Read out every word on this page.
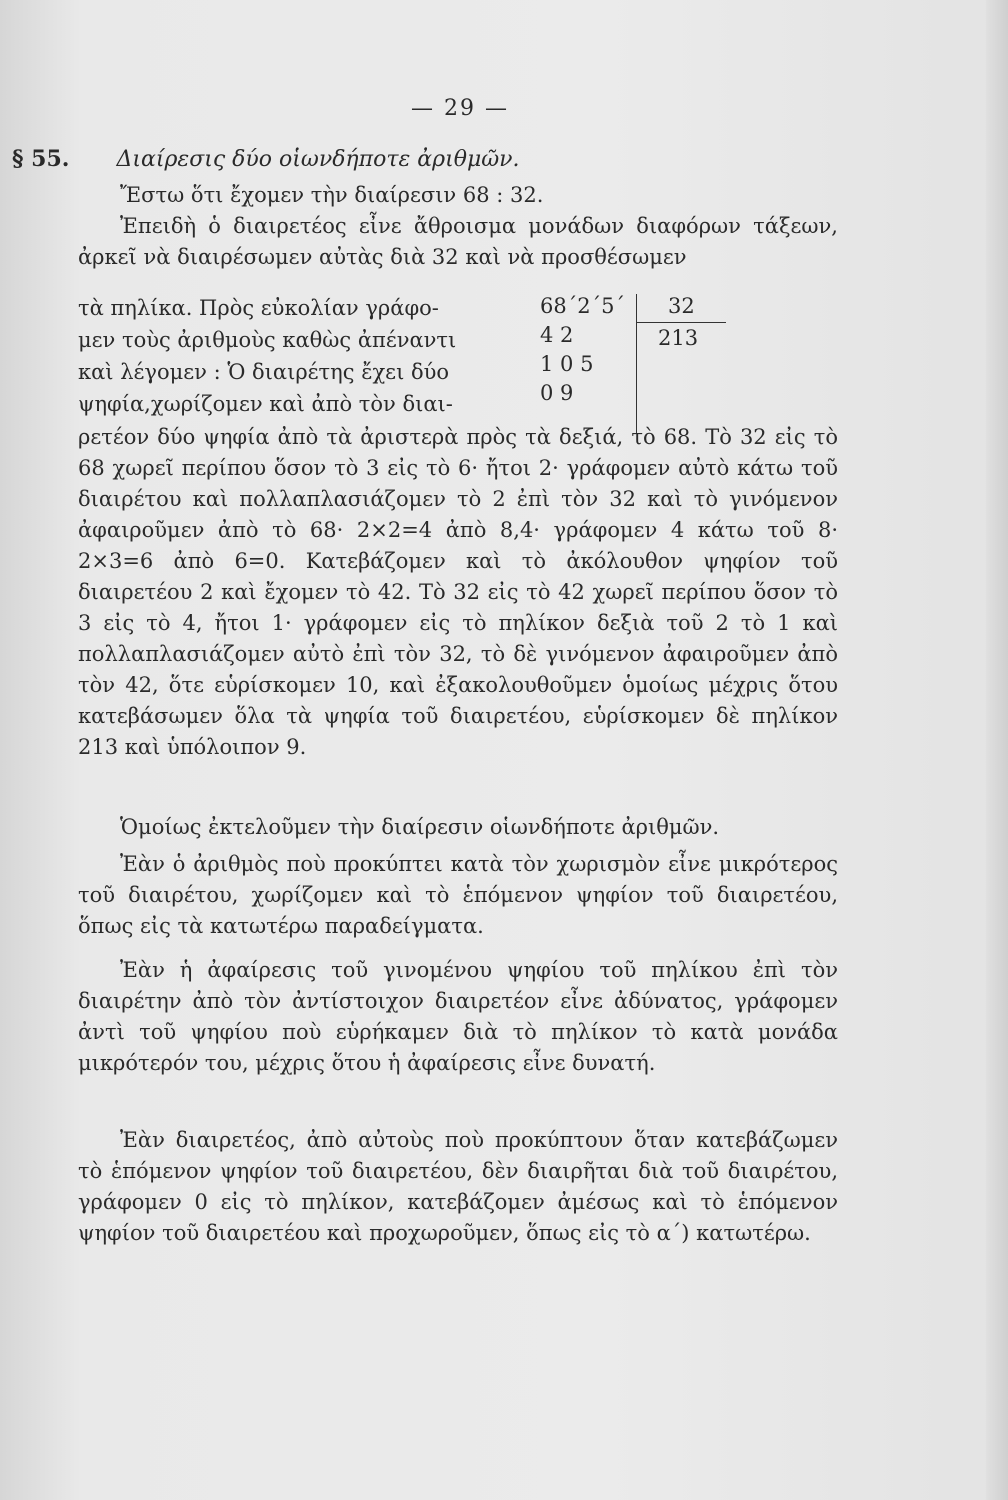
— 29 —
§ 55. Διαίρεσις δύο οἱωνδήποτε ἀριθμῶν.
Ἔστω ὅτι ἔχομεν τὴν διαίρεσιν 68 : 32.
Ἐπειδὴ ὁ διαιρετέος εἶνε ἄθροισμα μονάδων διαφόρων τάξεων, ἀρκεῖ νὰ διαιρέσωμεν αὐτὰς διὰ 32 καὶ νὰ προσθέσωμεν
τὰ πηλίκα. Πρὸς εὐκολίαν γράφο-
μεν τοὺς ἀριθμοὺς καθὼς ἀπέναντι
καὶ λέγομεν : Ὁ διαιρέτης ἔχει δύο
ψηφία,χωρίζομεν καὶ ἀπὸ τὸν διαι-
68΄2΄5΄
4 2
1 0 5
0 9
32
213
ρετέον δύο ψηφία ἀπὸ τὰ ἀριστερὰ πρὸς τὰ δεξιά, τὸ 68. Τὸ 32 εἰς τὸ 68 χωρεῖ περίπου ὅσον τὸ 3 εἰς τὸ 6· ἤτοι 2· γράφομεν αὐτὸ κάτω τοῦ διαιρέτου καὶ πολλαπλασιάζομεν τὸ 2 ἐπὶ τὸν 32 καὶ τὸ γινόμενον ἀφαιροῦμεν ἀπὸ τὸ 68· 2×2=4 ἀπὸ 8,4· γράφομεν 4 κάτω τοῦ 8· 2×3=6 ἀπὸ 6=0. Κατεβάζομεν καὶ τὸ ἀκόλουθον ψηφίον τοῦ διαιρετέου 2 καὶ ἔχομεν τὸ 42. Τὸ 32 εἰς τὸ 42 χωρεῖ περίπου ὅσον τὸ 3 εἰς τὸ 4, ἤτοι 1· γράφομεν εἰς τὸ πηλίκον δεξιὰ τοῦ 2 τὸ 1 καὶ πολλαπλασιάζομεν αὐτὸ ἐπὶ τὸν 32, τὸ δὲ γινόμενον ἀφαιροῦμεν ἀπὸ τὸν 42, ὅτε εὑρίσκομεν 10, καὶ ἐξακολουθοῦμεν ὁμοίως μέχρις ὅτου κατεβάσωμεν ὅλα τὰ ψηφία τοῦ διαιρετέου, εὑρίσκομεν δὲ πηλίκον 213 καὶ ὑπόλοιπον 9.
Ὁμοίως ἐκτελοῦμεν τὴν διαίρεσιν οἱωνδήποτε ἀριθμῶν.
Ἐὰν ὁ ἀριθμὸς ποὺ προκύπτει κατὰ τὸν χωρισμὸν εἶνε μικρότερος τοῦ διαιρέτου, χωρίζομεν καὶ τὸ ἑπόμενον ψηφίον τοῦ διαιρετέου, ὅπως εἰς τὰ κατωτέρω παραδείγματα.
Ἐὰν ἡ ἀφαίρεσις τοῦ γινομένου ψηφίου τοῦ πηλίκου ἐπὶ τὸν διαιρέτην ἀπὸ τὸν ἀντίστοιχον διαιρετέον εἶνε ἀδύνατος, γράφομεν ἀντὶ τοῦ ψηφίου ποὺ εὑρήκαμεν διὰ τὸ πηλίκον τὸ κατὰ μονάδα μικρότερόν του, μέχρις ὅτου ἡ ἀφαίρεσις εἶνε δυνατή.
Ἐὰν διαιρετέος, ἀπὸ αὐτοὺς ποὺ προκύπτουν ὅταν κατεβάζωμεν τὸ ἑπόμενον ψηφίον τοῦ διαιρετέου, δὲν διαιρῆται διὰ τοῦ διαιρέτου, γράφομεν 0 εἰς τὸ πηλίκον, κατεβάζομεν ἀμέσως καὶ τὸ ἑπόμενον ψηφίον τοῦ διαιρετέου καὶ προχωροῦμεν, ὅπως εἰς τὸ α΄) κατωτέρω.
